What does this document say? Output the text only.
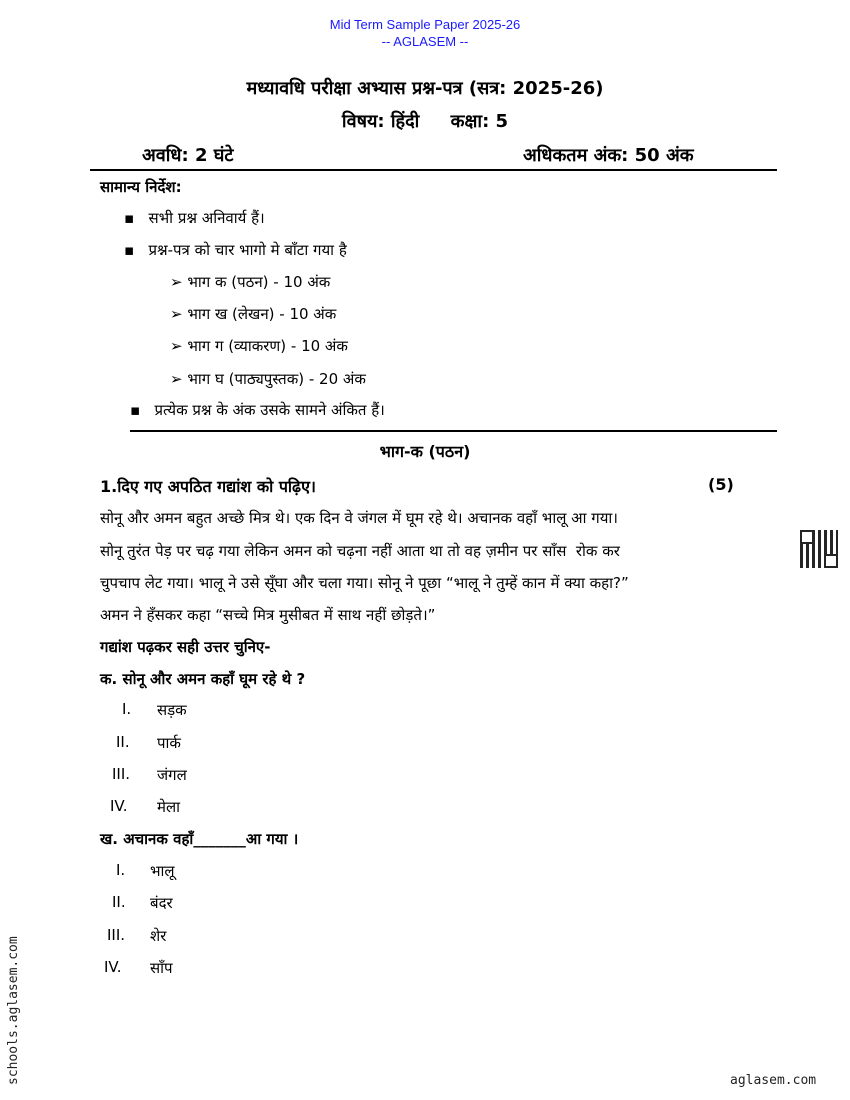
Mid Term Sample Paper 2025-26
-- AGLASEM --
मध्यावधि परीक्षा अभ्यास प्रश्न-पत्र (सत्र: 2025-26)
विषय: हिंदी     कक्षा: 5
अवधि: 2 घंटे	अधिकतम अंक: 50 अंक
सामान्य निर्देश:
▪   सभी प्रश्न अनिवार्य हैं।
▪   प्रश्न-पत्र को चार भागो मे बाँटा गया है
➢ भाग क (पठन) - 10 अंक
➢ भाग ख (लेखन) - 10 अंक
➢ भाग ग (व्याकरण) - 10 अंक
➢ भाग घ (पाठ्यपुस्तक) - 20 अंक
▪   प्रत्येक प्रश्न के अंक उसके सामने अंकित हैं।
भाग-क (पठन)
1.दिए गए अपठित गद्यांश को पढ़िए।	(5)
सोनू और अमन बहुत अच्छे मित्र थे। एक दिन वे जंगल में घूम रहे थे। अचानक वहाँ भालू आ गया।
सोनू तुरंत पेड़ पर चढ़ गया लेकिन अमन को चढ़ना नहीं आता था तो वह ज़मीन पर साँस  रोक कर
चुपचाप लेट गया। भालू ने उसे सूँघा और चला गया। सोनू ने पूछा “भालू ने तुम्हें कान में क्या कहा?”
अमन ने हँसकर कहा “सच्चे मित्र मुसीबत में साथ नहीं छोड़ते।”
गद्यांश पढ़कर सही उत्तर चुनिए-
क. सोनू और अमन कहाँ घूम रहे थे ?
I. सड़क
II. पार्क
III. जंगल
IV. मेला
ख. अचानक वहाँ_______आ गया ।
I. भालू
II. बंदर
III. शेर
IV. साँप
schools.aglasem.com	aglasem.com
